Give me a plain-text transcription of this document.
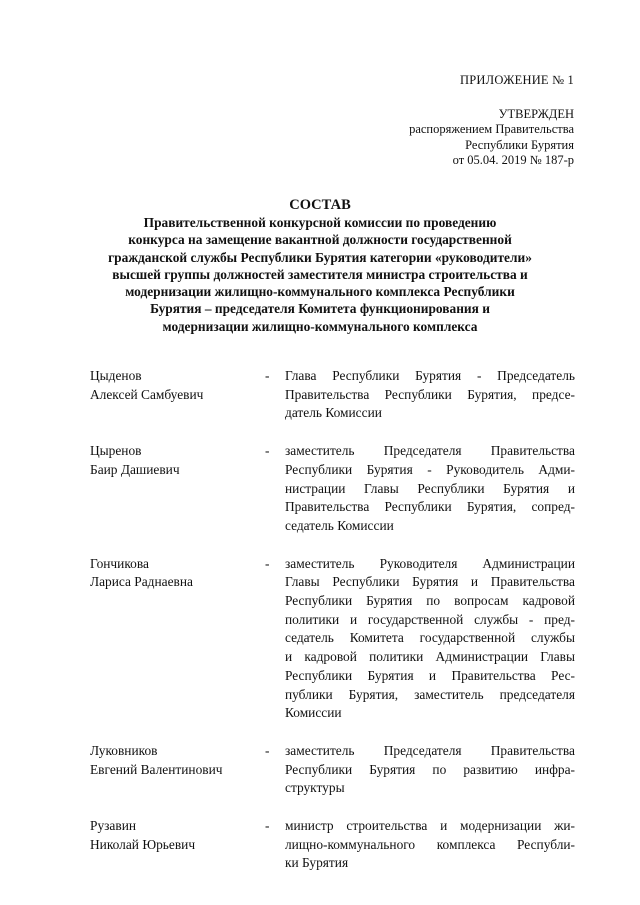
ПРИЛОЖЕНИЕ № 1
УТВЕРЖДЕН
распоряжением Правительства
Республики Бурятия
от 05.04. 2019 № 187-р
СОСТАВ
Правительственной конкурсной комиссии по проведению
конкурса на замещение вакантной должности государственной
гражданской службы Республики Бурятия категории «руководители»
высшей группы должностей заместителя министра строительства и
модернизации жилищно-коммунального комплекса Республики
Бурятия – председателя Комитета функционирования и
модернизации жилищно-коммунального комплекса
Цыденов
Алексей Самбуевич
-	Глава Республики Бурятия - Председатель
Правительства Республики Бурятия, предсе-
датель Комиссии
Цыренов
Баир Дашиевич
-	заместитель Председателя Правительства
Республики Бурятия - Руководитель Адми-
нистрации Главы Республики Бурятия и
Правительства Республики Бурятия, сопред-
седатель Комиссии
Гончикова
Лариса Раднаевна
-	заместитель Руководителя Администрации
Главы Республики Бурятия и Правительства
Республики Бурятия по вопросам кадровой
политики и государственной службы - пред-
седатель Комитета государственной службы
и кадровой политики Администрации Главы
Республики Бурятия и Правительства Рес-
публики Бурятия, заместитель председателя
Комиссии
Луковников
Евгений Валентинович
-	заместитель Председателя Правительства
Республики Бурятия по развитию инфра-
структуры
Рузавин
Николай Юрьевич
-	министр строительства и модернизации жи-
лищно-коммунального комплекса Республи-
ки Бурятия
